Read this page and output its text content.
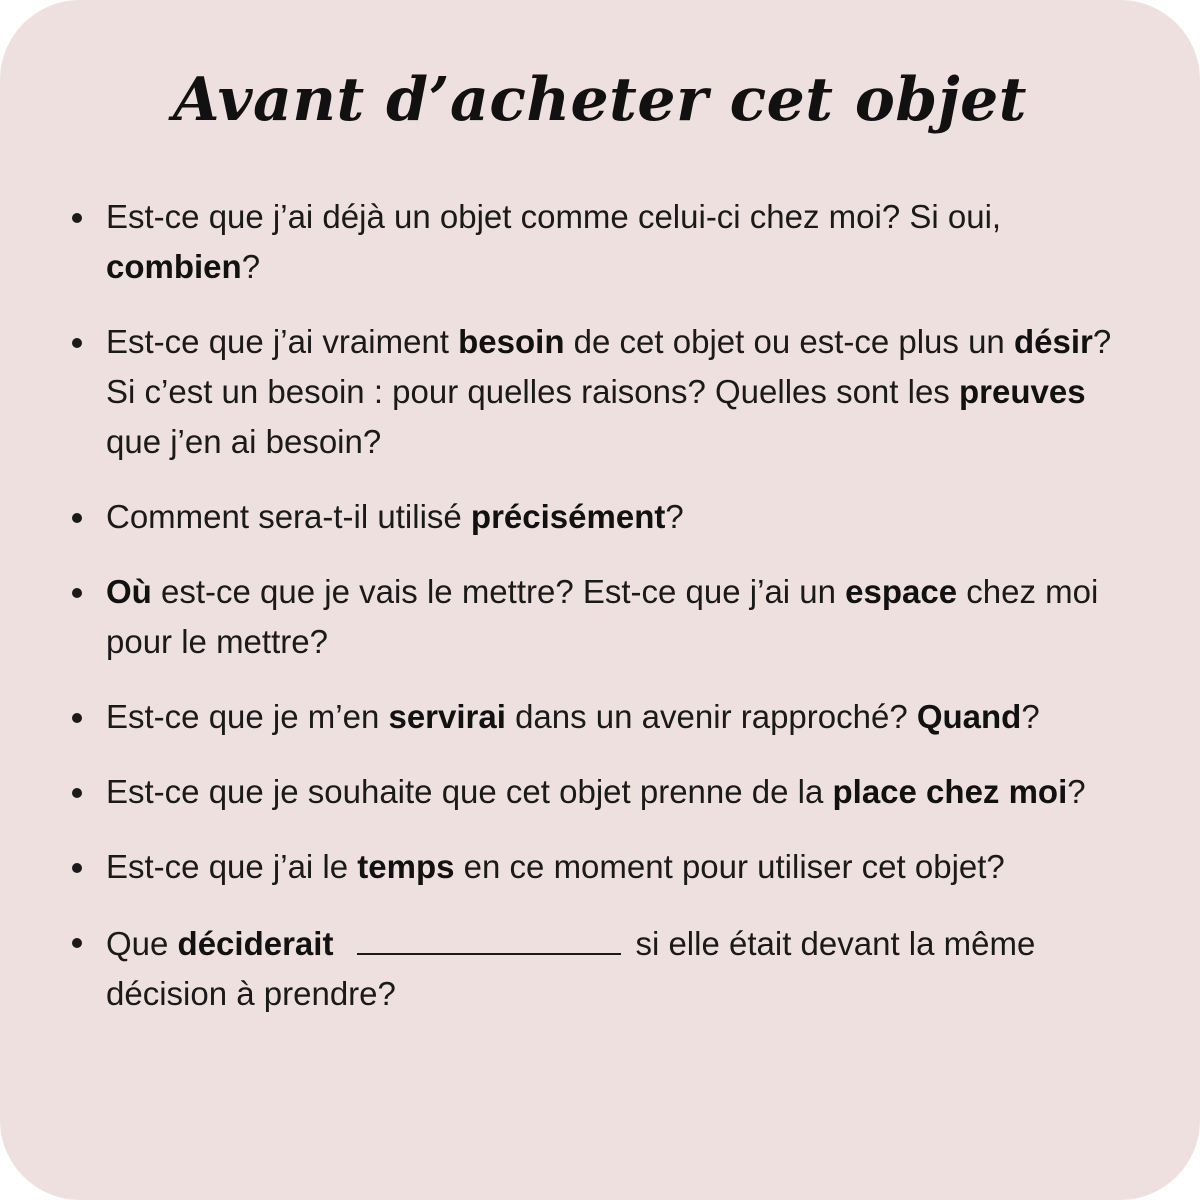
Avant d’acheter cet objet
Est-ce que j’ai déjà un objet comme celui-ci chez moi? Si oui, combien?
Est-ce que j’ai vraiment besoin de cet objet ou est-ce plus un désir? Si c’est un besoin : pour quelles raisons? Quelles sont les preuves que j’en ai besoin?
Comment sera-t-il utilisé précisément?
Où est-ce que je vais le mettre? Est-ce que j’ai un espace chez moi pour le mettre?
Est-ce que je m’en servirai dans un avenir rapproché? Quand?
Est-ce que je souhaite que cet objet prenne de la place chez moi?
Est-ce que j’ai le temps en ce moment pour utiliser cet objet?
Que déciderait	si elle était devant la même décision à prendre?
